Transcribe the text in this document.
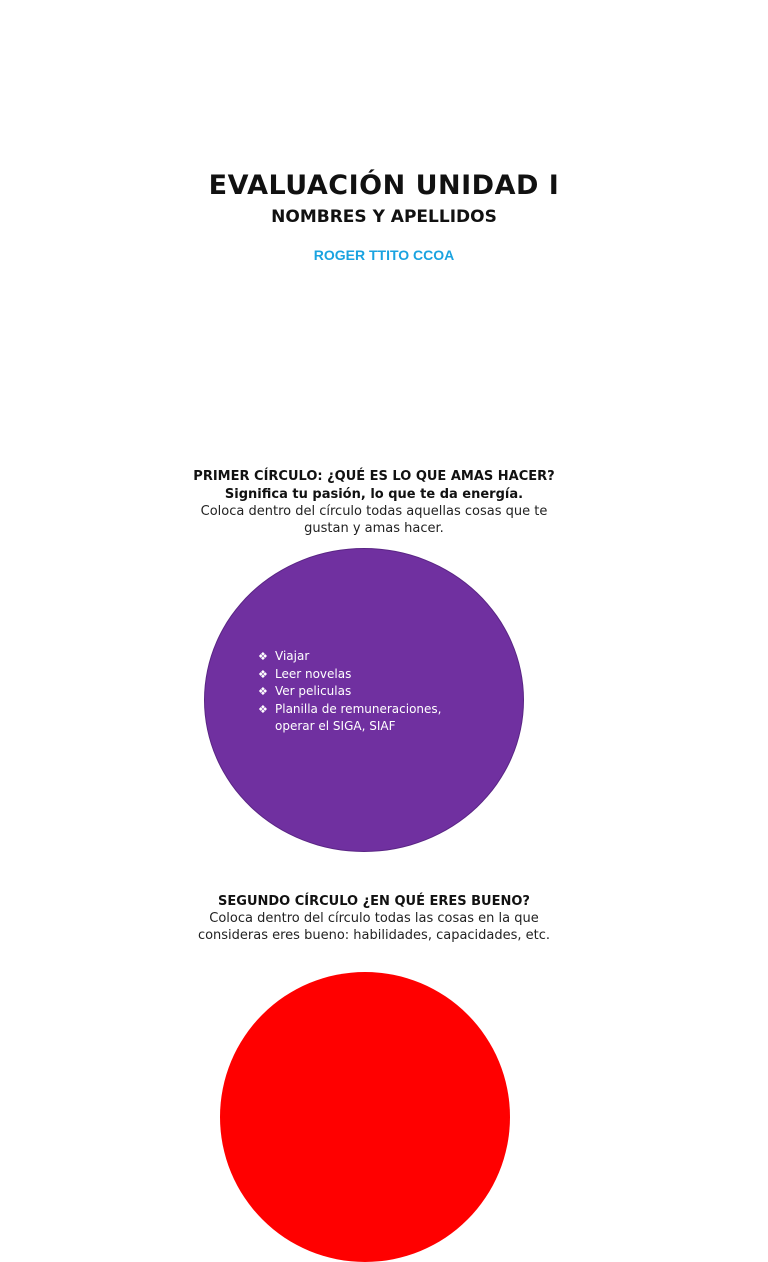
EVALUACIÓN UNIDAD I
NOMBRES Y APELLIDOS
ROGER TTITO CCOA
PRIMER CÍRCULO: ¿QUÉ ES LO QUE AMAS HACER?
Significa tu pasión, lo que te da energía.
Coloca dentro del círculo todas aquellas cosas que te gustan y amas hacer.
❖ Viajar
❖ Leer novelas
❖ Ver peliculas
❖ Planilla de remuneraciones, operar el SIGA, SIAF
SEGUNDO CÍRCULO ¿EN QUÉ ERES BUENO?
Coloca dentro del círculo todas las cosas en la que consideras eres bueno: habilidades, capacidades, etc.
